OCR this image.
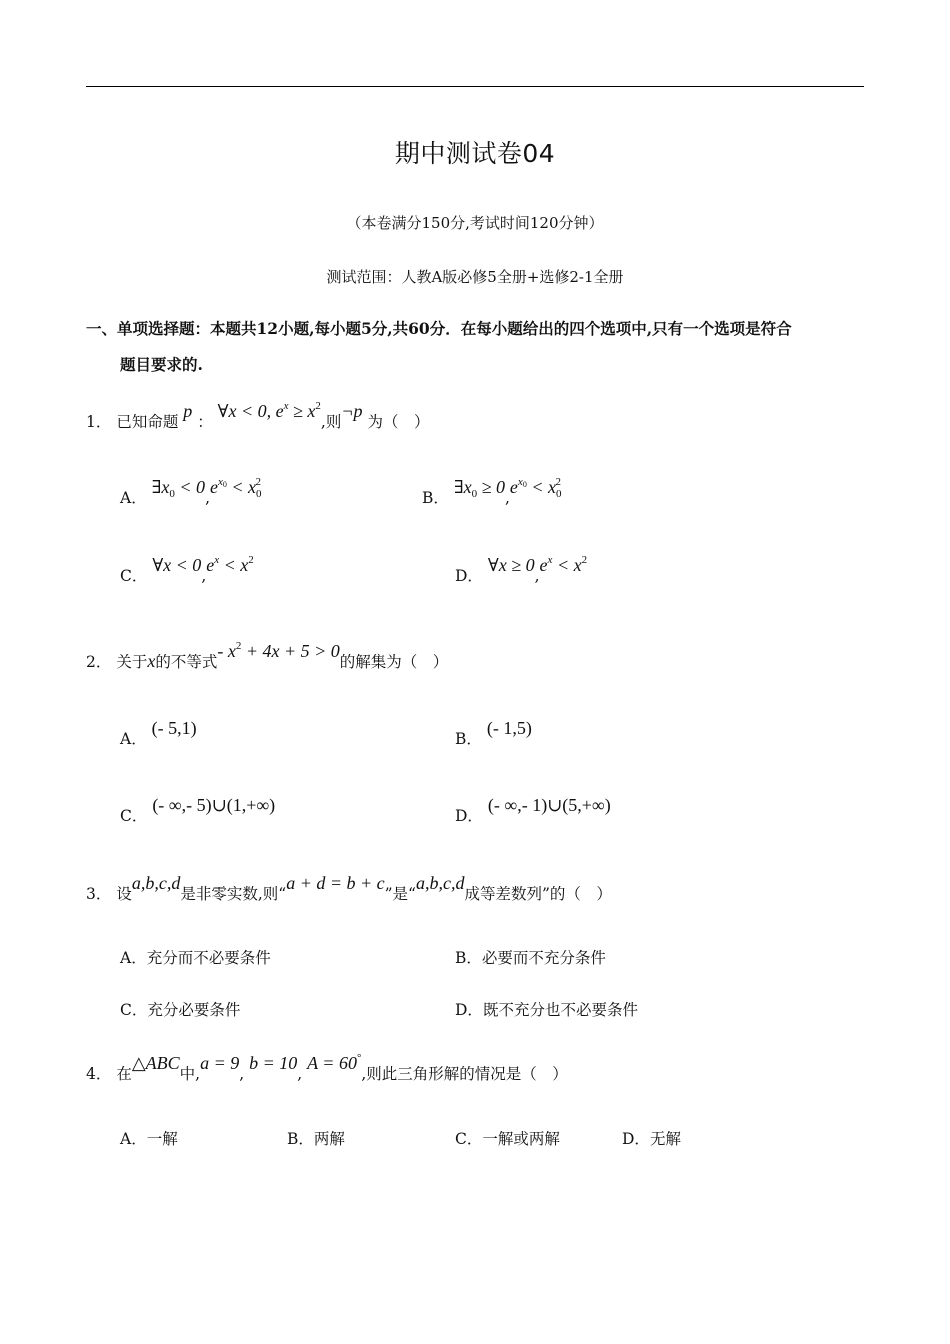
期中测试卷04
（本卷满分150分,考试时间120分钟）
测试范围：人教A版必修5全册+选修2-1全册
一、单项选择题：本题共12小题,每小题5分,共60分．在每小题给出的四个选项中,只有一个选项是符合
题目要求的.
1． 已知命题 p ： ∀x < 0, $e^x \ge x^2$,则¬p 为（　）
A． $\exists x_0 < 0,e^{x0} < x_0^2$
B． $\exists x_0 \ge 0,e^{x0} < x_0^2$
C． ∀x < $0,e^x < x^2$
D． ∀x ≥ $0,e^x < x^2$
2． 关于x的不等式- $x^2 + 4x + 5 > 0$的解集为（　）
A． (- 5,1)
B． (- 1,5)
C． (- ∞,- 5)∪(1,+∞)
D． (- ∞,- 1)∪(5,+∞)
3． 设a,b,c,d是非零实数,则“a + d = b + c”是“a,b,c,d成等差数列”的（　）
A．充分而不必要条件	B．必要而不充分条件
C．充分必要条件	D．既不充分也不必要条件
4． 在△ABC中,a = 9, b = 10, A = 60°,则此三角形解的情况是（　）
A．一解	B．两解	C．一解或两解	D．无解
